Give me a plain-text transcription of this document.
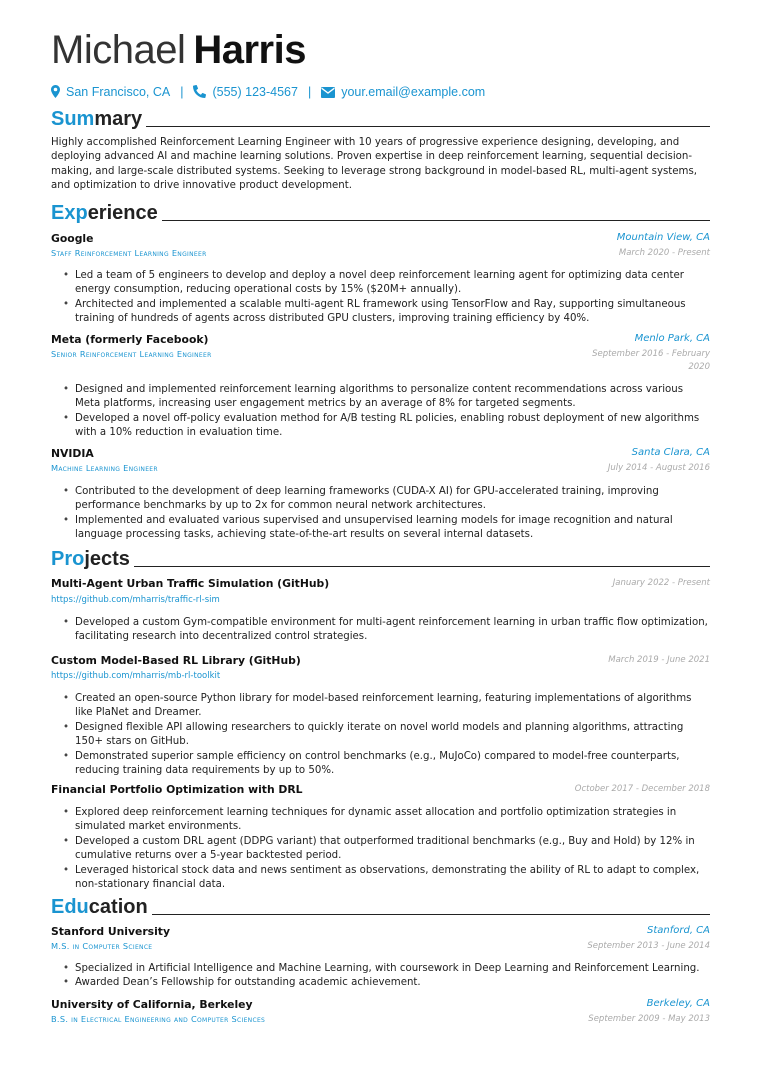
Michael Harris
San Francisco, CA | (555) 123-4567 | your.email@example.com
Summary
Highly accomplished Reinforcement Learning Engineer with 10 years of progressive experience designing, developing, and deploying advanced AI and machine learning solutions. Proven expertise in deep reinforcement learning, sequential decision-making, and large-scale distributed systems. Seeking to leverage strong background in model-based RL, multi-agent systems, and optimization to drive innovative product development.
Experience
Google	Mountain View, CA
Staff Reinforcement Learning Engineer	March 2020 - Present
• Led a team of 5 engineers to develop and deploy a novel deep reinforcement learning agent for optimizing data center energy consumption, reducing operational costs by 15% ($20M+ annually).
• Architected and implemented a scalable multi-agent RL framework using TensorFlow and Ray, supporting simultaneous training of hundreds of agents across distributed GPU clusters, improving training efficiency by 40%.
Meta (formerly Facebook)	Menlo Park, CA
Senior Reinforcement Learning Engineer	September 2016 - February
2020
• Designed and implemented reinforcement learning algorithms to personalize content recommendations across various Meta platforms, increasing user engagement metrics by an average of 8% for targeted segments.
• Developed a novel off-policy evaluation method for A/B testing RL policies, enabling robust deployment of new algorithms with a 10% reduction in evaluation time.
NVIDIA	Santa Clara, CA
Machine Learning Engineer	July 2014 - August 2016
• Contributed to the development of deep learning frameworks (CUDA-X AI) for GPU-accelerated training, improving performance benchmarks by up to 2x for common neural network architectures.
• Implemented and evaluated various supervised and unsupervised learning models for image recognition and natural language processing tasks, achieving state-of-the-art results on several internal datasets.
Projects
Multi-Agent Urban Traffic Simulation (GitHub)	January 2022 - Present
https://github.com/mharris/traffic-rl-sim
• Developed a custom Gym-compatible environment for multi-agent reinforcement learning in urban traffic flow optimization, facilitating research into decentralized control strategies.
Custom Model-Based RL Library (GitHub)	March 2019 - June 2021
https://github.com/mharris/mb-rl-toolkit
• Created an open-source Python library for model-based reinforcement learning, featuring implementations of algorithms like PlaNet and Dreamer.
• Designed flexible API allowing researchers to quickly iterate on novel world models and planning algorithms, attracting 150+ stars on GitHub.
• Demonstrated superior sample efficiency on control benchmarks (e.g., MuJoCo) compared to model-free counterparts, reducing training data requirements by up to 50%.
Financial Portfolio Optimization with DRL	October 2017 - December 2018
• Explored deep reinforcement learning techniques for dynamic asset allocation and portfolio optimization strategies in simulated market environments.
• Developed a custom DRL agent (DDPG variant) that outperformed traditional benchmarks (e.g., Buy and Hold) by 12% in cumulative returns over a 5-year backtested period.
• Leveraged historical stock data and news sentiment as observations, demonstrating the ability of RL to adapt to complex, non-stationary financial data.
Education
Stanford University	Stanford, CA
M.S. in Computer Science	September 2013 - June 2014
• Specialized in Artificial Intelligence and Machine Learning, with coursework in Deep Learning and Reinforcement Learning.
• Awarded Dean’s Fellowship for outstanding academic achievement.
University of California, Berkeley	Berkeley, CA
B.S. in Electrical Engineering and Computer Sciences	September 2009 - May 2013
